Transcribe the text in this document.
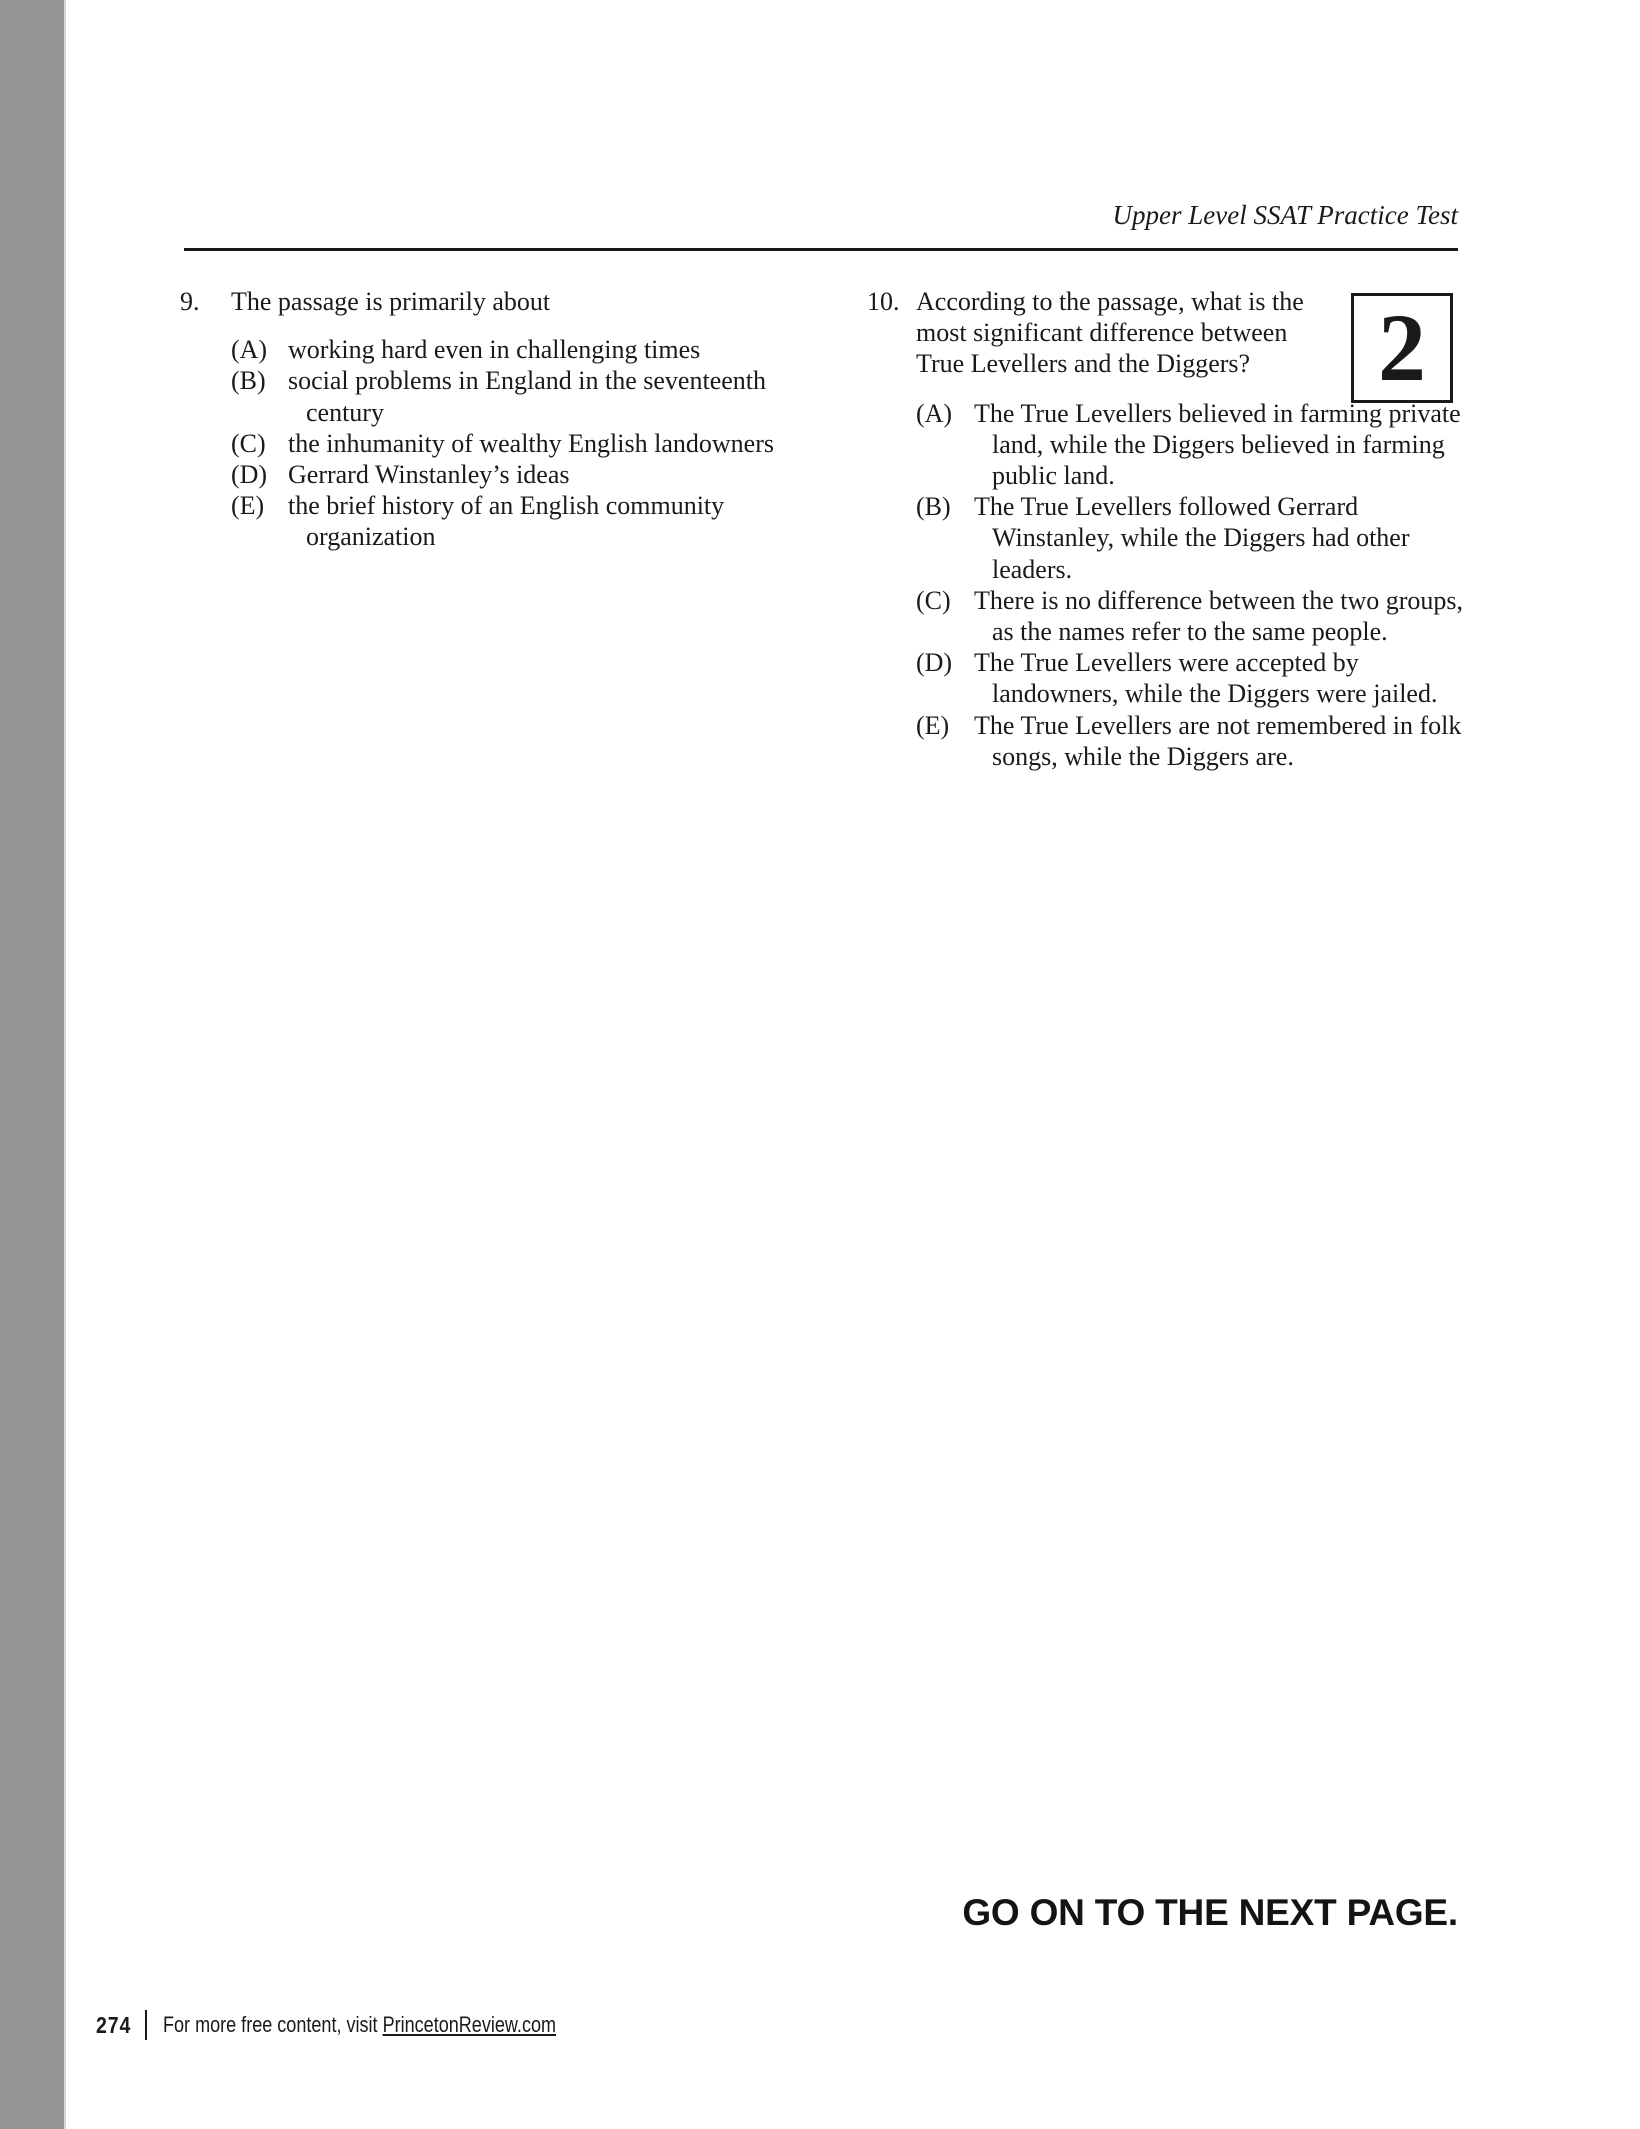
Upper Level SSAT Practice Test
9. The passage is primarily about
(A) working hard even in challenging times
(B) social problems in England in the seventeenth century
(C) the inhumanity of wealthy English landowners
(D) Gerrard Winstanley’s ideas
(E) the brief history of an English community organization
10. According to the passage, what is the most significant difference between True Levellers and the Diggers?
(A) The True Levellers believed in farming private land, while the Diggers believed in farming public land.
(B) The True Levellers followed Gerrard Winstanley, while the Diggers had other leaders.
(C) There is no difference between the two groups, as the names refer to the same people.
(D) The True Levellers were accepted by landowners, while the Diggers were jailed.
(E) The True Levellers are not remembered in folk songs, while the Diggers are.
2
GO ON TO THE NEXT PAGE.
274 For more free content, visit PrincetonReview.com
